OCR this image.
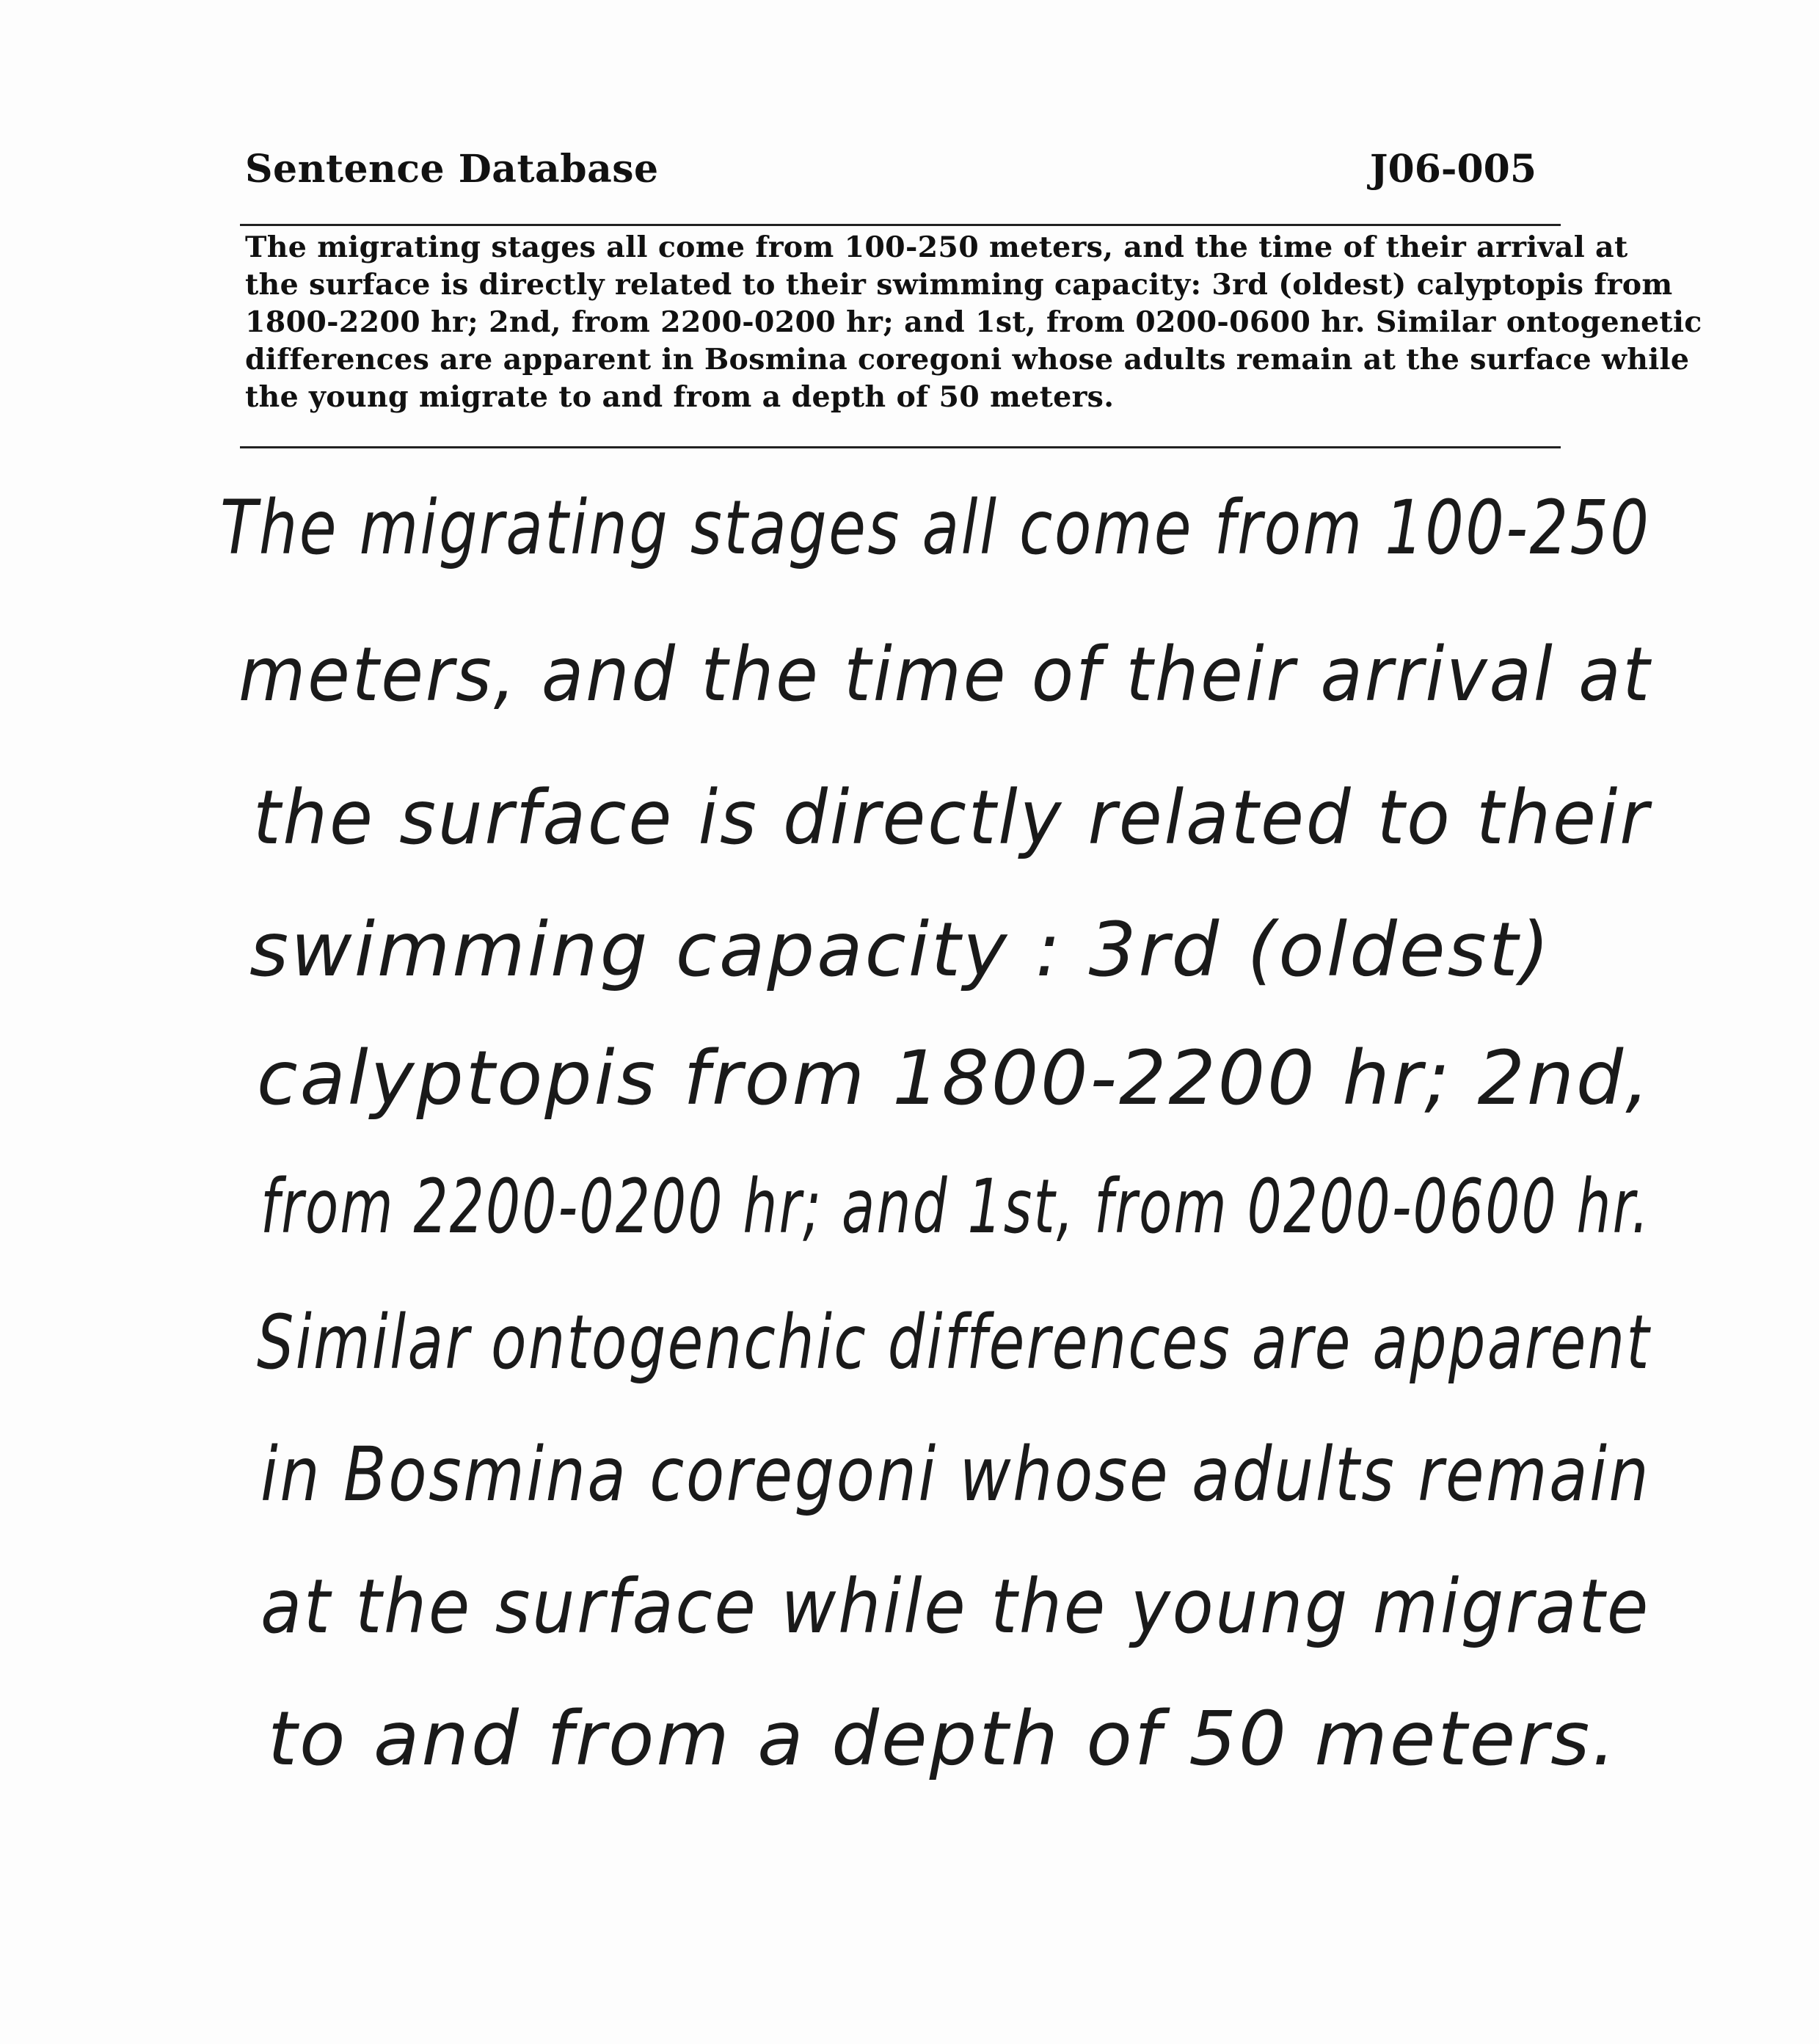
Sentence Database	J06-005
The migrating stages all come from 100-250 meters, and the time of their arrival at
the surface is directly related to their swimming capacity: 3rd (oldest) calyptopis from
1800-2200 hr; 2nd, from 2200-0200 hr; and 1st, from 0200-0600 hr. Similar ontogenetic
differences are apparent in Bosmina coregoni whose adults remain at the surface while
the young migrate to and from a depth of 50 meters.
The migrating stages all come from 100-250
meters, and the time of their arrival at
the surface is directly related to their
swimming capacity : 3rd (oldest)
calyptopis from 1800-2200 hr; 2nd,
from 2200-0200 hr; and 1st, from 0200-0600 hr.
Similar ontogenchic differences are apparent
in Bosmina coregoni whose adults remain
at the surface while the young migrate
to and from a depth of 50 meters.
